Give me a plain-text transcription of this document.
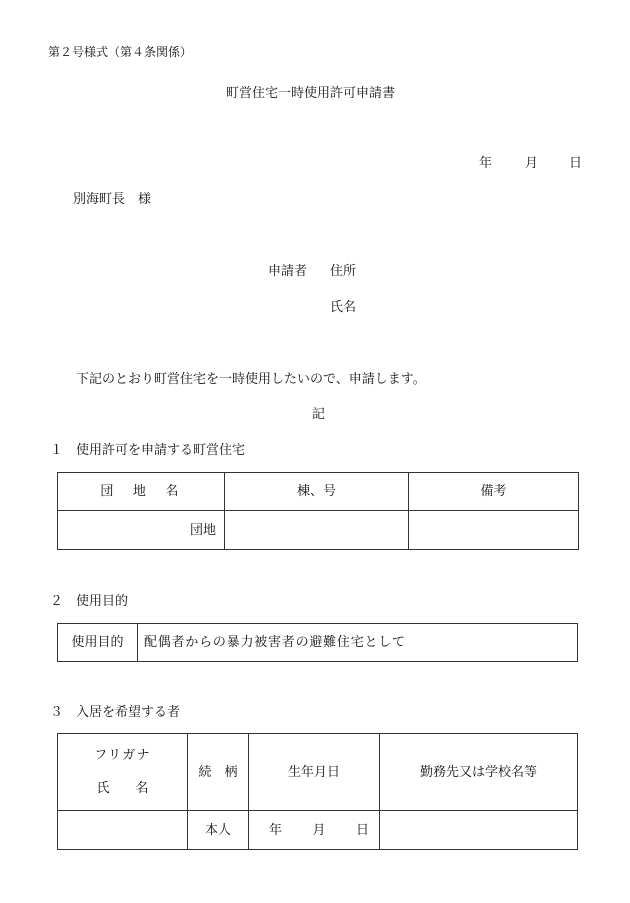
第２号様式（第４条関係）
町営住宅一時使用許可申請書
年	月 日
別海町長　様
申請者 住所
氏名
下記のとおり町営住宅を一時使用したいので、申請します。
記
１　使用許可を申請する町営住宅
団　地　名	棟、号	備考
団地		
２　使用目的
使用目的	配偶者からの暴力被害者の避難住宅として
３　入居を希望する者
フリガナ
氏　　名	続　柄	生年月日	勤務先又は学校名等
	本人	年 月 日	
